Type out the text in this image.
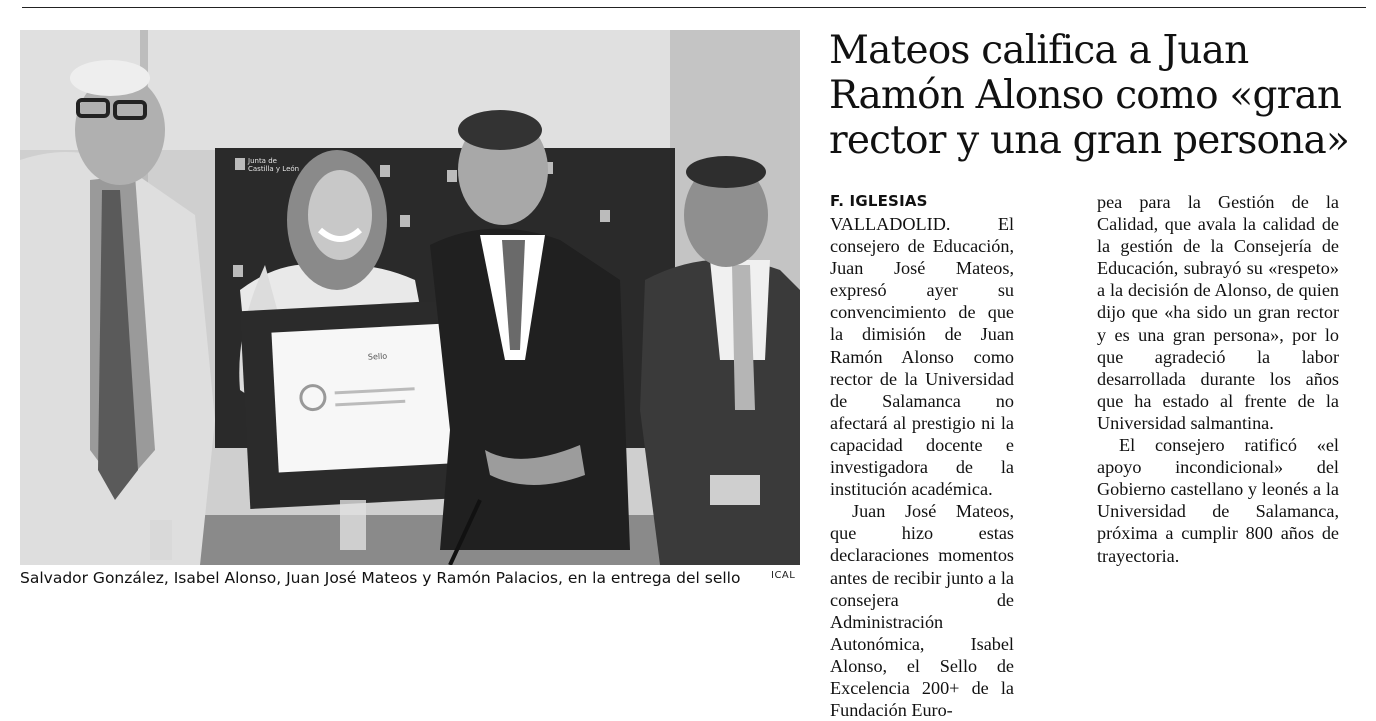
Junta de
Castilla y León
Sello
Salvador González, Isabel Alonso, Juan José Mateos y Ramón Palacios, en la entrega del sello	ICAL
Mateos califica a Juan Ramón Alonso como «gran rector y una gran persona»
F. IGLESIAS

VALLADOLID. El consejero de Educación, Juan José Mateos, expresó ayer su convencimiento de que la dimisión de Juan Ramón Alonso como rector de la Universidad de Salamanca no afectará al prestigio ni la capacidad docente e investigadora de la institución académica.

Juan José Mateos, que hizo estas declaraciones momentos antes de recibir junto a la consejera de Administración Autonómica, Isabel Alonso, el Sello de Excelencia 200+ de la Fundación Euro-

pea para la Gestión de la Calidad, que avala la calidad de la gestión de la Consejería de Educación, subrayó su «respeto» a la decisión de Alonso, de quien dijo que «ha sido un gran rector y es una gran persona», por lo que agradeció la labor desarrollada durante los años que ha estado al frente de la Universidad salmantina.

El consejero ratificó «el apoyo incondicional» del Gobierno castellano y leonés a la Universidad de Salamanca, próxima a cumplir 800 años de trayectoria.
